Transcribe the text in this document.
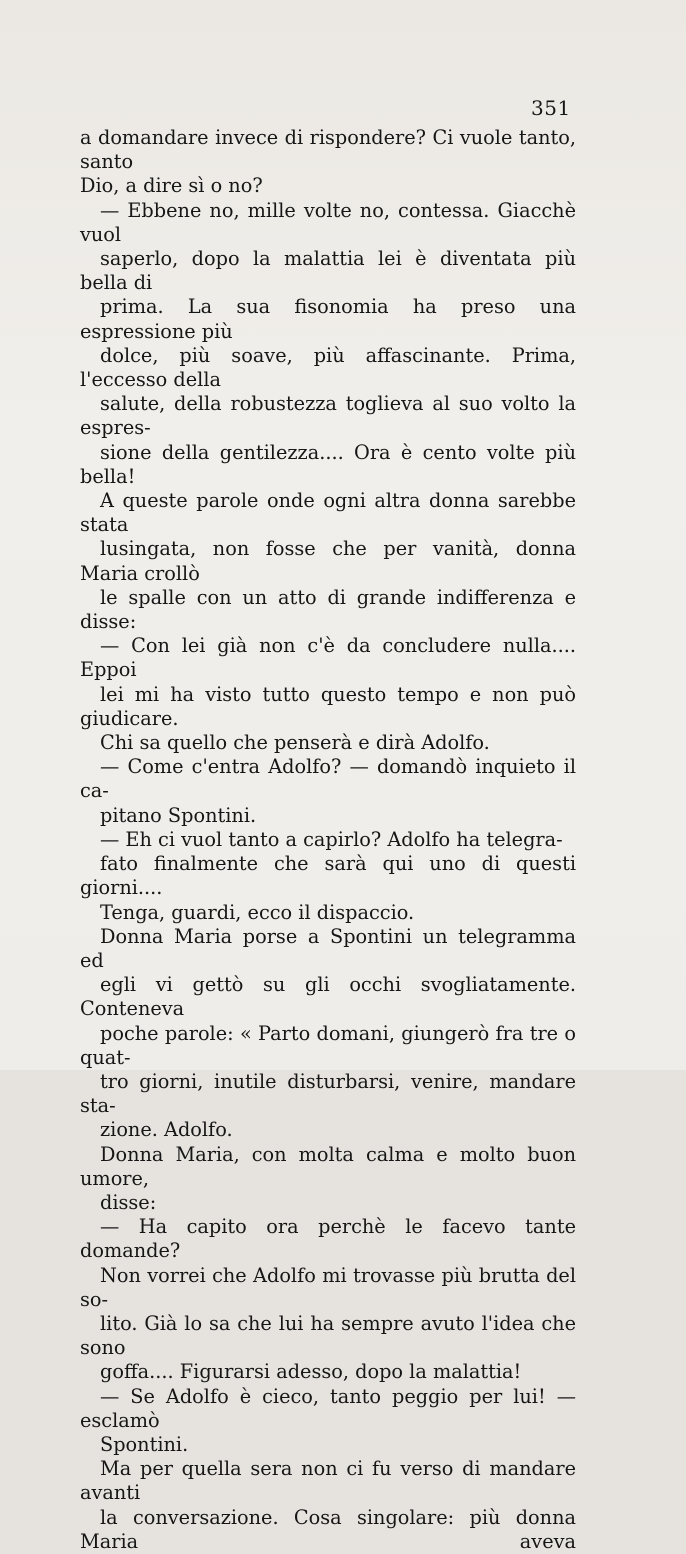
351

a domandare invece di rispondere? Ci vuole tanto, santo
Dio, a dire sì o no?

— Ebbene no, mille volte no, contessa. Giacchè vuol
saperlo, dopo la malattia lei è diventata più bella di
prima. La sua fisonomia ha preso una espressione più
dolce, più soave, più affascinante. Prima, l'eccesso della
salute, della robustezza toglieva al suo volto la espres-
sione della gentilezza.... Ora è cento volte più bella!

A queste parole onde ogni altra donna sarebbe stata
lusingata, non fosse che per vanità, donna Maria crollò
le spalle con un atto di grande indifferenza e disse:

— Con lei già non c'è da concludere nulla.... Eppoi
lei mi ha visto tutto questo tempo e non può giudicare.
Chi sa quello che penserà e dirà Adolfo.

— Come c'entra Adolfo? — domandò inquieto il ca-
pitano Spontini.

— Eh ci vuol tanto a capirlo? Adolfo ha telegra-
fato finalmente che sarà qui uno di questi giorni....
Tenga, guardi, ecco il dispaccio.

Donna Maria porse a Spontini un telegramma ed
egli vi gettò su gli occhi svogliatamente. Conteneva
poche parole: « Parto domani, giungerò fra tre o quat-
tro giorni, inutile disturbarsi, venire, mandare sta-
zione. Adolfo.

Donna Maria, con molta calma e molto buon umore,
disse:

— Ha capito ora perchè le facevo tante domande?
Non vorrei che Adolfo mi trovasse più brutta del so-
lito. Già lo sa che lui ha sempre avuto l'idea che sono
goffa.... Figurarsi adesso, dopo la malattia!

— Se Adolfo è cieco, tanto peggio per lui! — esclamò
Spontini.

Ma per quella sera non ci fu verso di mandare avanti
la conversazione. Cosa singolare: più donna Maria aveva
